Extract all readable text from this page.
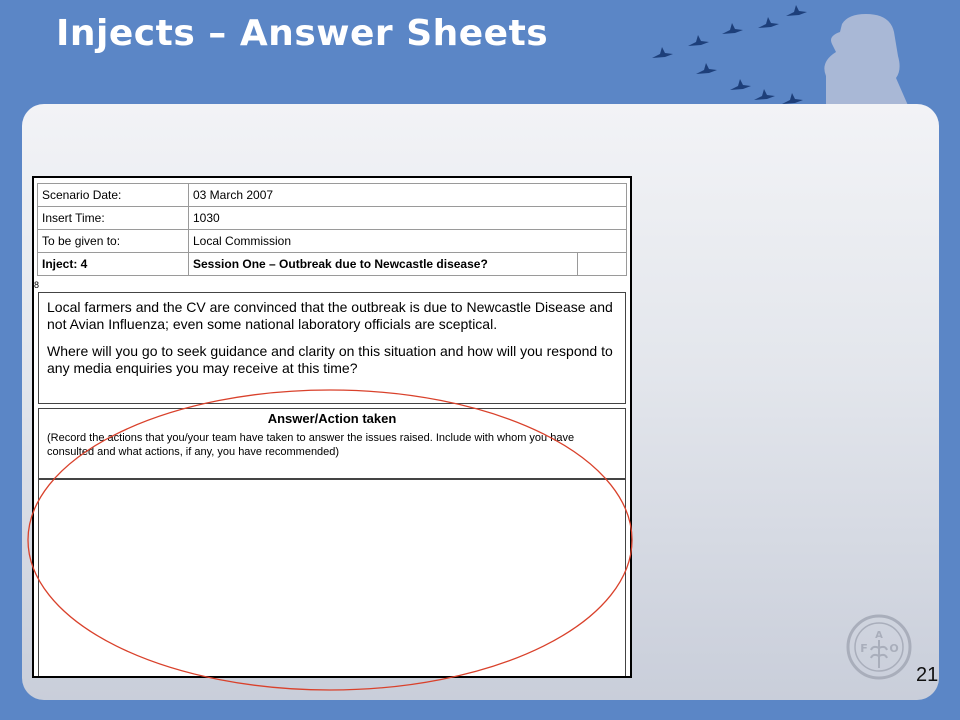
Injects – Answer Sheets
Scenario Date:	03 March 2007	
Insert Time:	1030	
To be given to:	Local Commission	
Inject: 4	Session One – Outbreak due to Newcastle disease?	
8

Local farmers and the CV are convinced that the outbreak is due to Newcastle Disease and not Avian Influenza; even some national laboratory officials are sceptical.

Where will you go to seek guidance and clarity on this situation and how will you respond to any media enquiries you may receive at this time?

Answer/Action taken

(Record the actions that you/your team have taken to answer the issues raised. Include with whom you have consulted and what actions, if any, you have recommended)

A
F O
21
